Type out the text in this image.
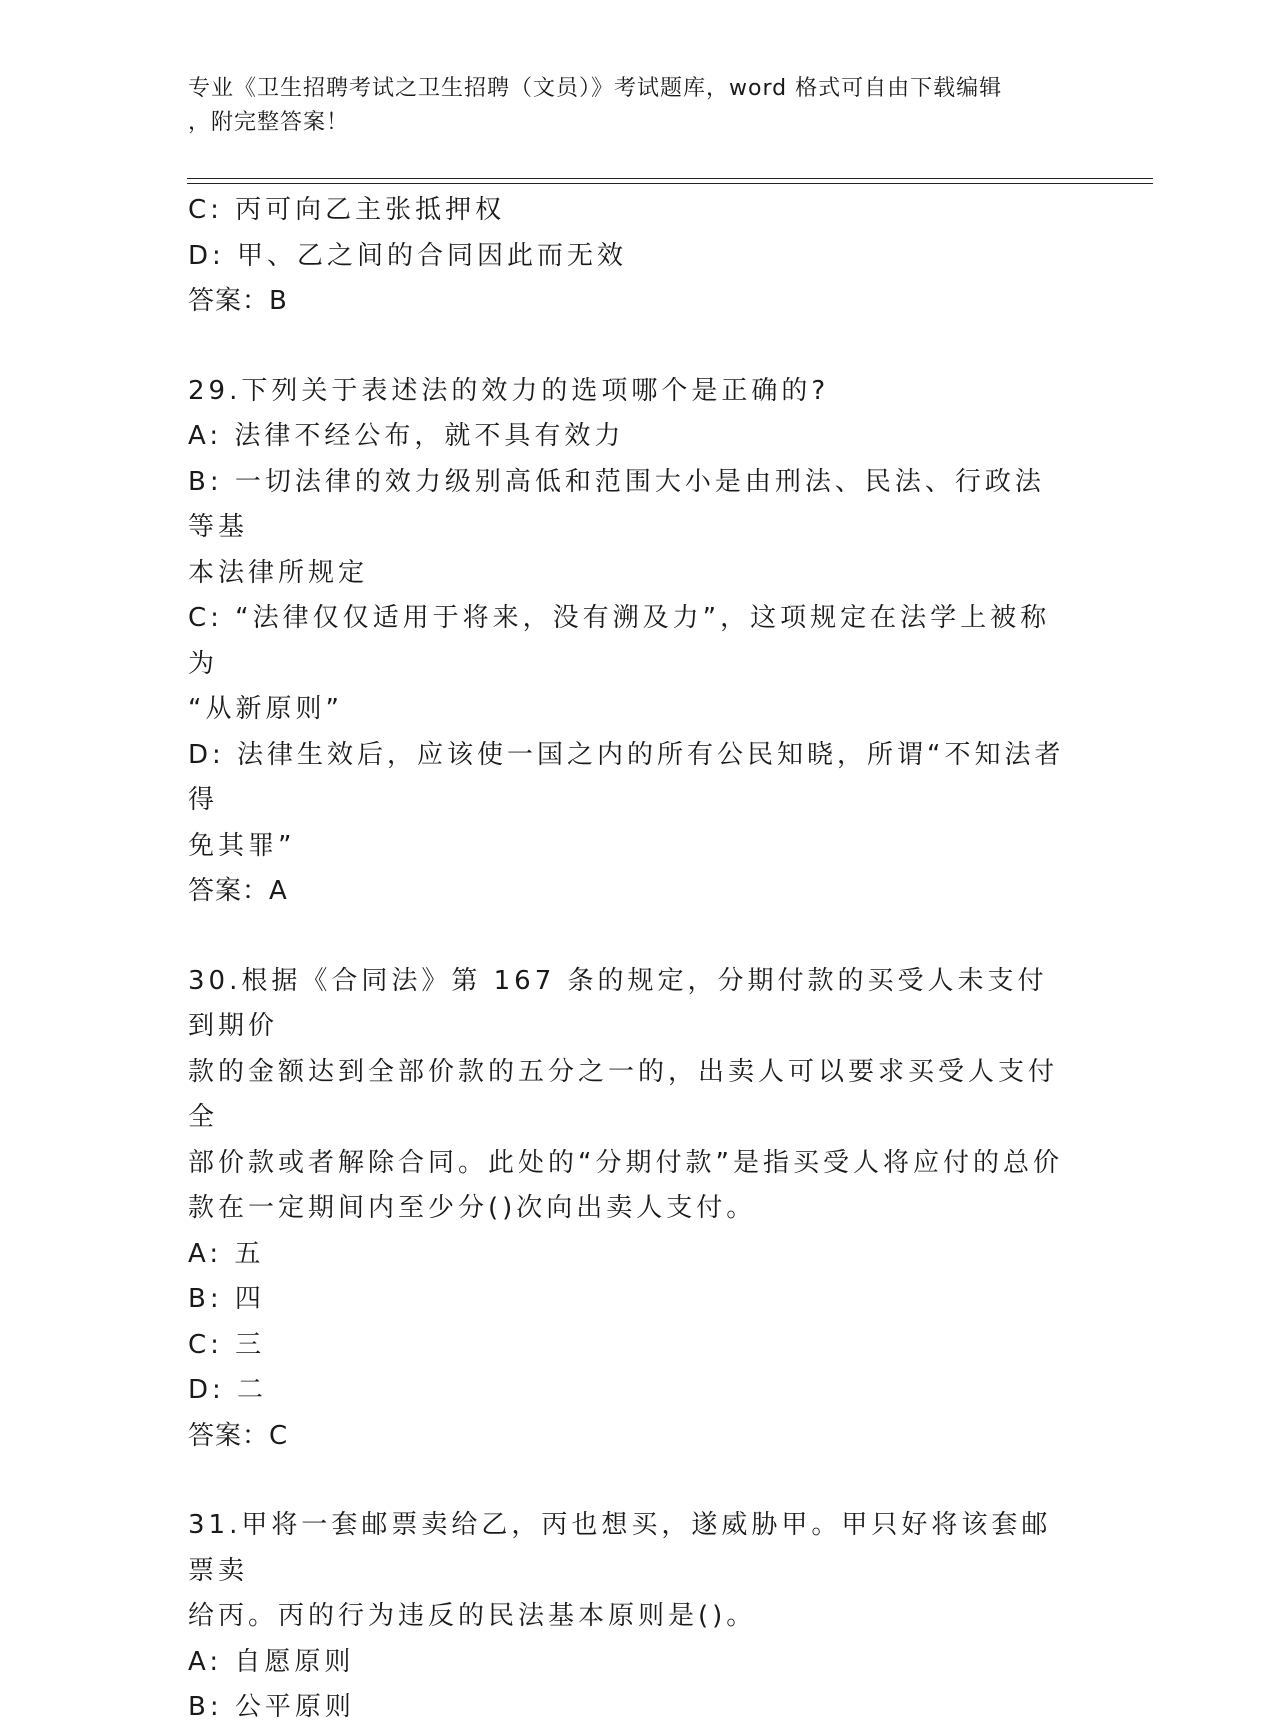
专业《卫生招聘考试之卫生招聘（文员）》考试题库，word 格式可自由下载编辑
，附完整答案！
C: 丙可向乙主张抵押权
D: 甲、乙之间的合同因此而无效
答案：B
29.下列关于表述法的效力的选项哪个是正确的?
A: 法律不经公布，就不具有效力
B: 一切法律的效力级别高低和范围大小是由刑法、民法、行政法等基
本法律所规定
C: “法律仅仅适用于将来，没有溯及力”，这项规定在法学上被称为
“从新原则”
D: 法律生效后，应该使一国之内的所有公民知晓，所谓“不知法者得
免其罪”
答案：A
30.根据《合同法》第 167 条的规定，分期付款的买受人未支付到期价
款的金额达到全部价款的五分之一的，出卖人可以要求买受人支付全
部价款或者解除合同。此处的“分期付款”是指买受人将应付的总价
款在一定期间内至少分()次向出卖人支付。
A: 五
B: 四
C: 三
D: 二
答案：C
31.甲将一套邮票卖给乙，丙也想买，遂威胁甲。甲只好将该套邮票卖
给丙。丙的行为违反的民法基本原则是()。
A: 自愿原则
B: 公平原则
